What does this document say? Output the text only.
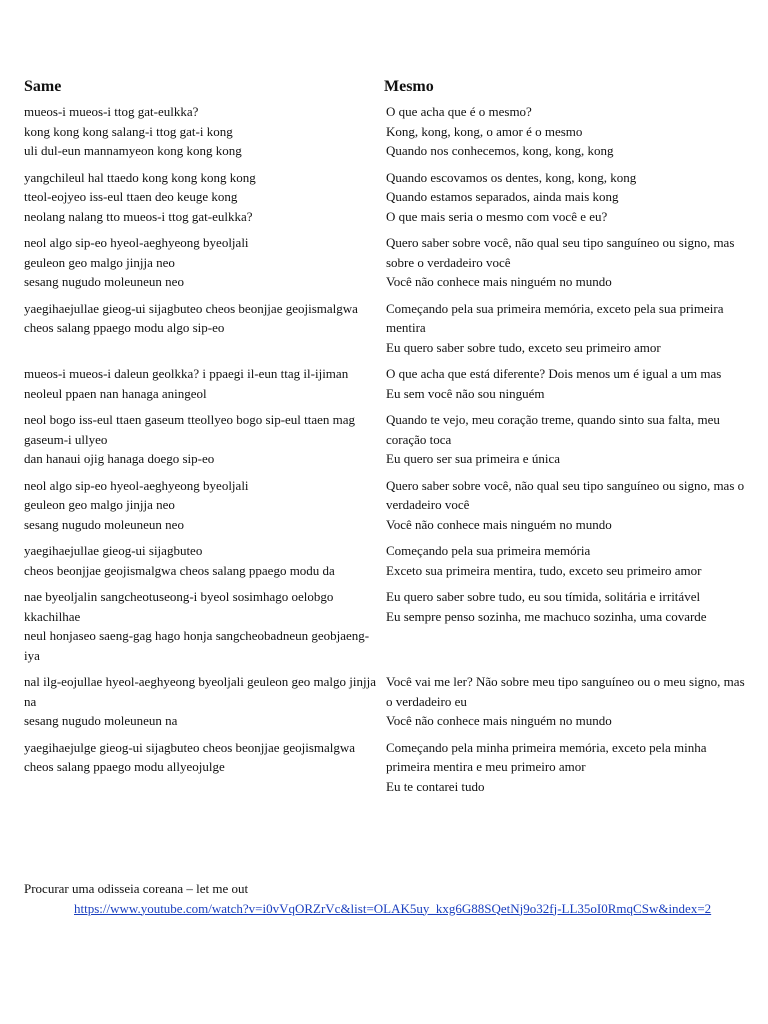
Same	Mesmo
mueos-i mueos-i ttog gat-eulkka?
kong kong kong salang-i ttog gat-i kong
uli dul-eun mannamyeon kong kong kong
O que acha que é o mesmo?
Kong, kong, kong, o amor é o mesmo
Quando nos conhecemos, kong, kong, kong
yangchileul hal ttaedo kong kong kong kong
tteol-eojyeo iss-eul ttaen deo keuge kong
neolang nalang tto mueos-i ttog gat-eulkka?
Quando escovamos os dentes, kong, kong, kong
Quando estamos separados, ainda mais kong
O que mais seria o mesmo com você e eu?
neol algo sip-eo hyeol-aeghyeong byeoljali
geuleon geo malgo jinjja neo
sesang nugudo moleuneun neo
Quero saber sobre você, não qual seu tipo sanguíneo ou signo, mas sobre o verdadeiro você
Você não conhece mais ninguém no mundo
yaegihaejullae gieog-ui sijagbuteo cheos beonjjae geojismalgwa
cheos salang ppaego modu algo sip-eo
Começando pela sua primeira memória, exceto pela sua primeira mentira
Eu quero saber sobre tudo, exceto seu primeiro amor
mueos-i mueos-i daleun geolkka? i ppaegi il-eun ttag il-ijiman
neoleul ppaen nan hanaga aningeol
O que acha que está diferente? Dois menos um é igual a um mas
Eu sem você não sou ninguém
neol bogo iss-eul ttaen gaseum tteollyeo bogo sip-eul ttaen mag gaseum-i ullyeo
dan hanaui ojig hanaga doego sip-eo
Quando te vejo, meu coração treme, quando sinto sua falta, meu coração toca
Eu quero ser sua primeira e única
neol algo sip-eo hyeol-aeghyeong byeoljali
geuleon geo malgo jinjja neo
sesang nugudo moleuneun neo
Quero saber sobre você, não qual seu tipo sanguíneo ou signo, mas o verdadeiro você
Você não conhece mais ninguém no mundo
yaegihaejullae gieog-ui sijagbuteo
cheos beonjjae geojismalgwa cheos salang ppaego modu da
Começando pela sua primeira memória
Exceto sua primeira mentira, tudo, exceto seu primeiro amor
nae byeoljalin sangcheotuseong-i byeol sosimhago oelobgo kkachilhae
neul honjaseo saeng-gag hago honja sangcheobadneun geobjaeng-iya
Eu quero saber sobre tudo, eu sou tímida, solitária e irritável
Eu sempre penso sozinha, me machuco sozinha, uma covarde
nal ilg-eojullae hyeol-aeghyeong byeoljali geuleon geo malgo jinjja na
sesang nugudo moleuneun na
Você vai me ler? Não sobre meu tipo sanguíneo ou o meu signo, mas o verdadeiro eu
Você não conhece mais ninguém no mundo
yaegihaejulge gieog-ui sijagbuteo cheos beonjjae geojismalgwa
cheos salang ppaego modu allyeojulge
Começando pela minha primeira memória, exceto pela minha primeira mentira e meu primeiro amor
Eu te contarei tudo
Procurar uma odisseia coreana – let me out
https://www.youtube.com/watch?v=i0vVqORZrVc&list=OLAK5uy_kxg6G88SQetNj9o32fj-LL35oI0RmqCSw&index=2
